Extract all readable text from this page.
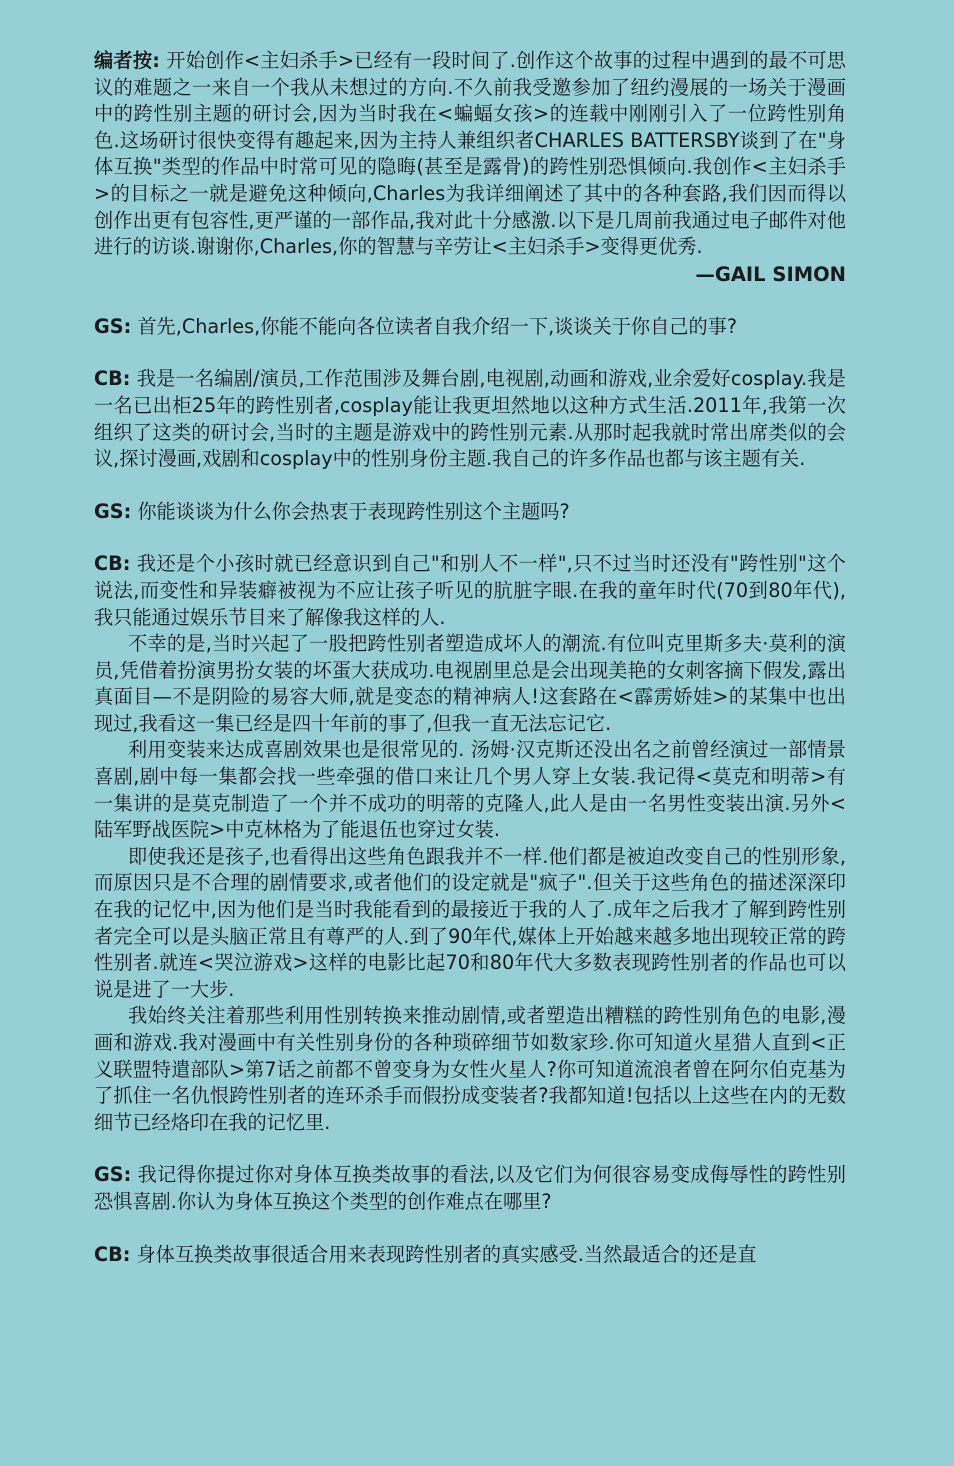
编者按: 开始创作<主妇杀手>已经有一段时间了.创作这个故事的过程中遇到的最不可思议的难题之一来自一个我从未想过的方向.不久前我受邀参加了纽约漫展的一场关于漫画中的跨性别主题的研讨会,因为当时我在<蝙蝠女孩>的连载中刚刚引入了一位跨性别角色.这场研讨很快变得有趣起来,因为主持人兼组织者CHARLES BATTERSBY谈到了在"身体互换"类型的作品中时常可见的隐晦(甚至是露骨)的跨性别恐惧倾向.我创作<主妇杀手>的目标之一就是避免这种倾向,Charles为我详细阐述了其中的各种套路,我们因而得以创作出更有包容性,更严谨的一部作品,我对此十分感激.以下是几周前我通过电子邮件对他进行的访谈.谢谢你,Charles,你的智慧与辛劳让<主妇杀手>变得更优秀.

—GAIL SIMON

GS: 首先,Charles,你能不能向各位读者自我介绍一下,谈谈关于你自己的事?

CB: 我是一名编剧/演员,工作范围涉及舞台剧,电视剧,动画和游戏,业余爱好cosplay.我是一名已出柜25年的跨性别者,cosplay能让我更坦然地以这种方式生活.2011年,我第一次组织了这类的研讨会,当时的主题是游戏中的跨性别元素.从那时起我就时常出席类似的会议,探讨漫画,戏剧和cosplay中的性别身份主题.我自己的许多作品也都与该主题有关.

GS: 你能谈谈为什么你会热衷于表现跨性别这个主题吗?

CB: 我还是个小孩时就已经意识到自己"和别人不一样",只不过当时还没有"跨性别"这个说法,而变性和异装癖被视为不应让孩子听见的肮脏字眼.在我的童年时代(70到80年代),我只能通过娱乐节目来了解像我这样的人.

不幸的是,当时兴起了一股把跨性别者塑造成坏人的潮流.有位叫克里斯多夫·莫利的演员,凭借着扮演男扮女装的坏蛋大获成功.电视剧里总是会出现美艳的女刺客摘下假发,露出真面目—不是阴险的易容大师,就是变态的精神病人!这套路在<霹雳娇娃>的某集中也出现过,我看这一集已经是四十年前的事了,但我一直无法忘记它.

利用变装来达成喜剧效果也是很常见的. 汤姆·汉克斯还没出名之前曾经演过一部情景喜剧,剧中每一集都会找一些牵强的借口来让几个男人穿上女装.我记得<莫克和明蒂>有一集讲的是莫克制造了一个并不成功的明蒂的克隆人,此人是由一名男性变装出演.另外<陆军野战医院>中克林格为了能退伍也穿过女装.

即使我还是孩子,也看得出这些角色跟我并不一样.他们都是被迫改变自己的性别形象,而原因只是不合理的剧情要求,或者他们的设定就是"疯子".但关于这些角色的描述深深印在我的记忆中,因为他们是当时我能看到的最接近于我的人了.成年之后我才了解到跨性别者完全可以是头脑正常且有尊严的人.到了90年代,媒体上开始越来越多地出现较正常的跨性别者.就连<哭泣游戏>这样的电影比起70和80年代大多数表现跨性别者的作品也可以说是进了一大步.

我始终关注着那些利用性别转换来推动剧情,或者塑造出糟糕的跨性别角色的电影,漫画和游戏.我对漫画中有关性别身份的各种琐碎细节如数家珍.你可知道火星猎人直到<正义联盟特遣部队>第7话之前都不曾变身为女性火星人?你可知道流浪者曾在阿尔伯克基为了抓住一名仇恨跨性别者的连环杀手而假扮成变装者?我都知道!包括以上这些在内的无数细节已经烙印在我的记忆里.

GS: 我记得你提过你对身体互换类故事的看法,以及它们为何很容易变成侮辱性的跨性别恐惧喜剧.你认为身体互换这个类型的创作难点在哪里?

CB: 身体互换类故事很适合用来表现跨性别者的真实感受.当然最适合的还是直
